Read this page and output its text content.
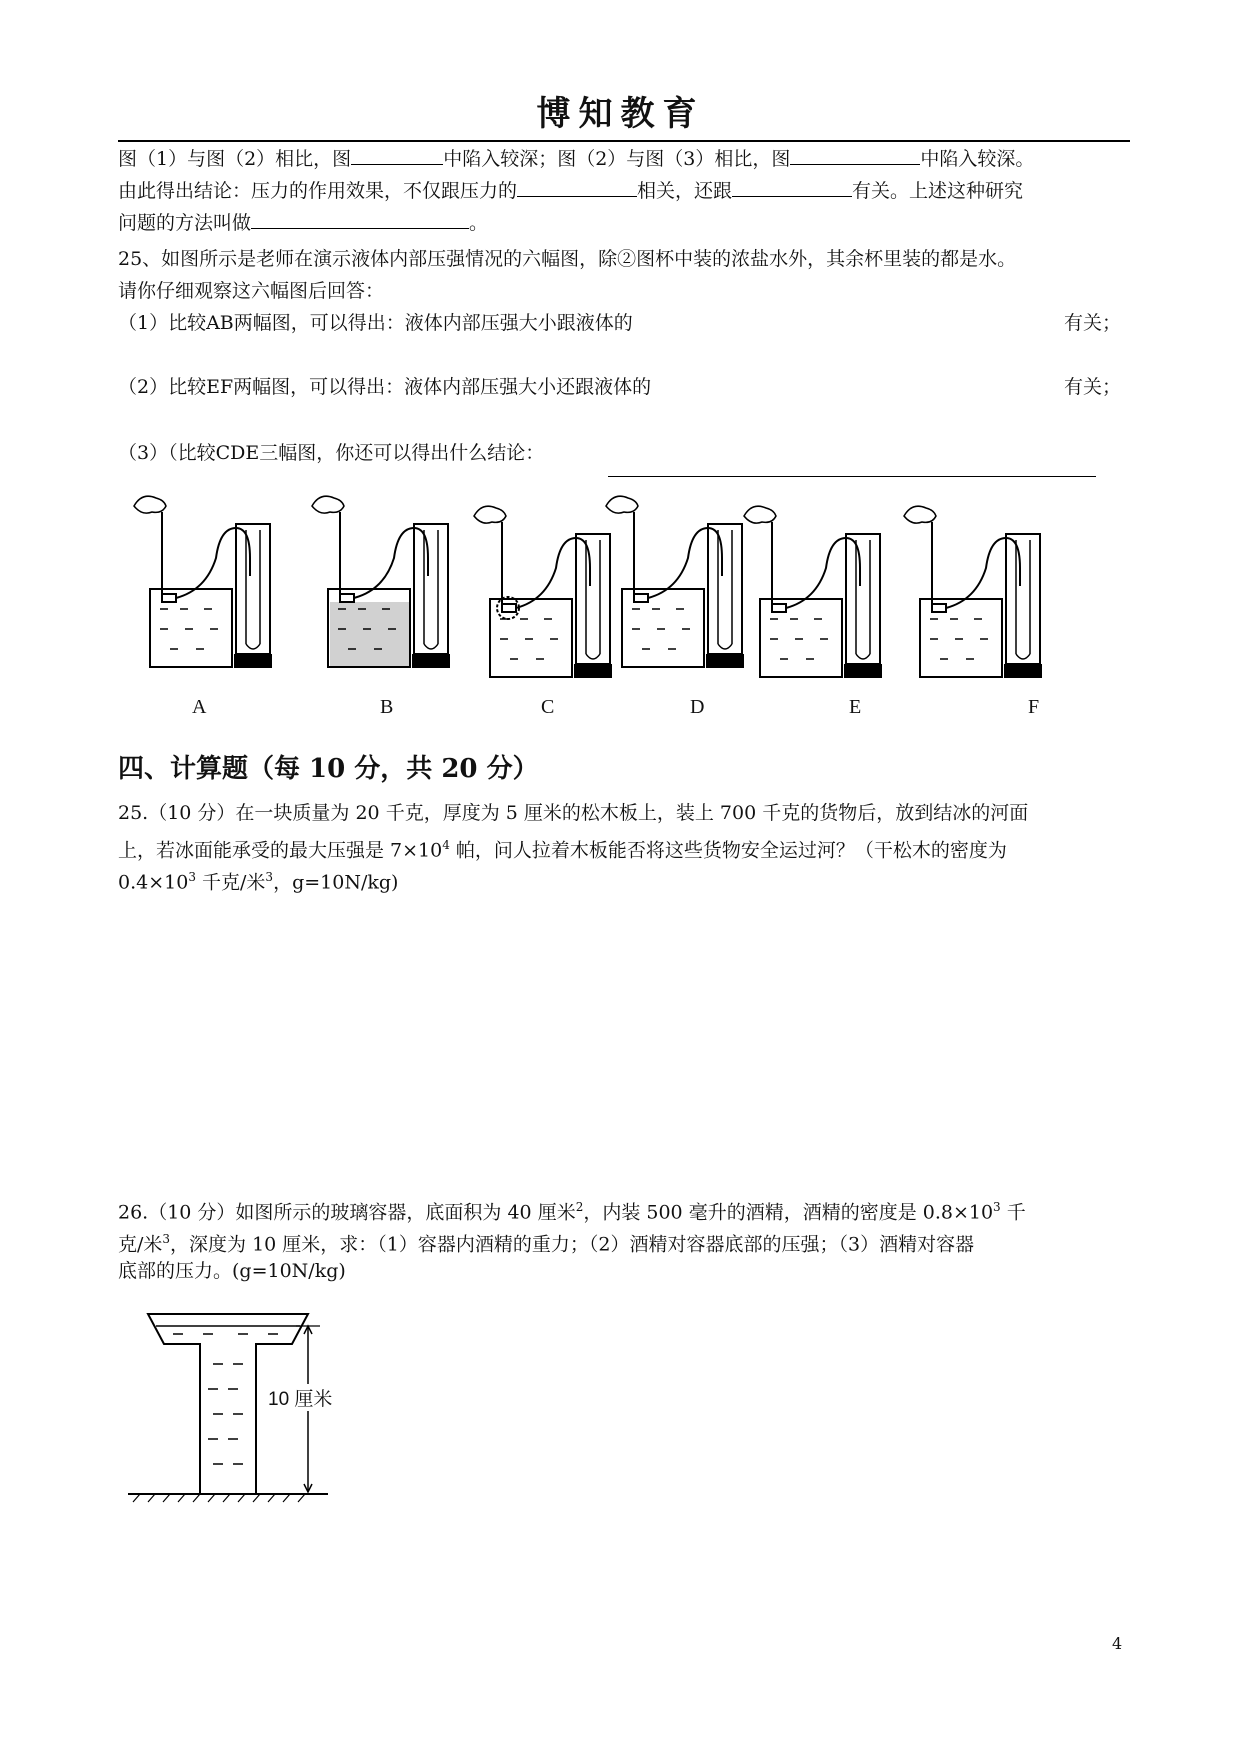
博知教育
图（1）与图（2）相比，图	中陷入较深；图（2）与图（3）相比，图	中陷入较深。
由此得出结论：压力的作用效果，不仅跟压力的	相关，还跟	有关。上述这种研究
问题的方法叫做	。
25、如图所示是老师在演示液体内部压强情况的六幅图，除②图杯中装的浓盐水外，其余杯里装的都是水。
请你仔细观察这六幅图后回答：
（1）比较AB两幅图，可以得出：液体内部压强大小跟液体的	有关；
（2）比较EF两幅图，可以得出：液体内部压强大小还跟液体的	有关；
（3）（比较CDE三幅图，你还可以得出什么结论：
A	B	C	D	E	F
四、计算题（每 10 分，共 20 分）
25.（10 分）在一块质量为 20 千克，厚度为 5 厘米的松木板上，装上 700 千克的货物后，放到结冰的河面
上，若冰面能承受的最大压强是 $7\times 10^4$ 帕，问人拉着木板能否将这些货物安全运过河？（干松木的密度为
$0.4\times 10^3$ 千克/米$^3$，g=10N/kg)
26.（10 分）如图所示的玻璃容器，底面积为 40 厘米$^2$，内装 500 毫升的酒精，酒精的密度是 $0.8\times 10^3$ 千
克/米$^3$，深度为 10 厘米，求：（1）容器内酒精的重力；（2）酒精对容器底部的压强；（3）酒精对容器
底部的压力。(g=10N/kg)
10 厘米
4
